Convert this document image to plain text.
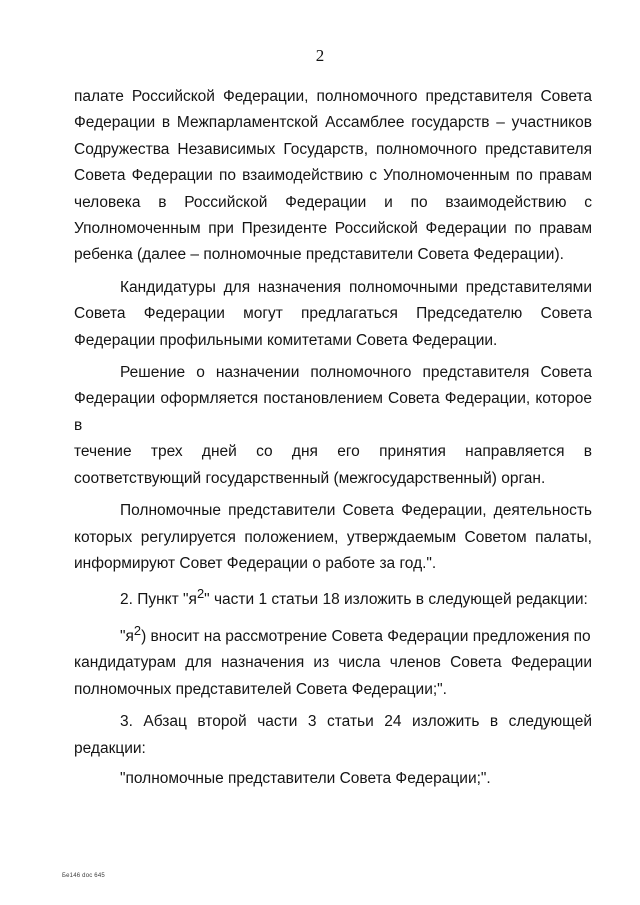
2

палате Российской Федерации, полномочного представителя Совета
Федерации в Межпарламентской Ассамблее государств – участников
Содружества Независимых Государств, полномочного представителя
Совета Федерации по взаимодействию с Уполномоченным по правам
человека в Российской Федерации и по взаимодействию с
Уполномоченным при Президенте Российской Федерации по правам
ребенка (далее – полномочные представители Совета Федерации).

Кандидатуры для назначения полномочными представителями
Совета Федерации могут предлагаться Председателю Совета
Федерации профильными комитетами Совета Федерации.

Решение о назначении полномочного представителя Совета
Федерации оформляется постановлением Совета Федерации, которое в
течение трех дней со дня его принятия направляется в
соответствующий государственный (межгосударственный) орган.

Полномочные представители Совета Федерации, деятельность
которых регулируется положением, утверждаемым Советом палаты,
информируют Совет Федерации о работе за год.".

2. Пункт "$я^2$" части 1 статьи 18 изложить в следующей редакции:

"$я^2$) вносит на рассмотрение Совета Федерации предложения по
кандидатурам для назначения из числа членов Совета Федерации
полномочных представителей Совета Федерации;".

3. Абзац второй части 3 статьи 24 изложить в следующей
редакции:

"полномочные представители Совета Федерации;".

Бе146 doc 645
